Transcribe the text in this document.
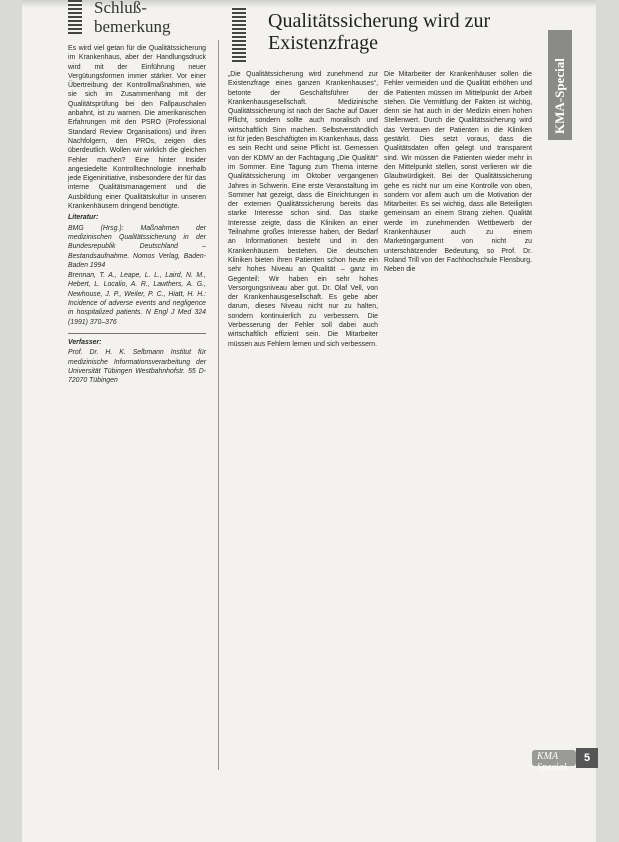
Schluß-
bemerkung	Qualitätssicherung wird zur
Existenzfrage

Es wird viel getan für die Qualitätssicherung im Krankenhaus, aber der Handlungsdruck wird mit der Einführung neuer Vergütungsformen immer stärker. Vor einer Übertreibung der Kontrollmaßnahmen, wie sie sich im Zusammenhang mit der Qualitätsprüfung bei den Fallpauschalen anbahnt, ist zu warnen. Die amerikanischen Erfahrungen mit den PSRO (Professional Standard Review Organisations) und ihren Nachfolgern, den PROs, zeigen dies überdeutlich. Wollen wir wirklich die gleichen Fehler machen? Eine hinter Insider angesiedelte Kontrolltechnologie innerhalb jede Eigeninitiative, insbesondere der für das interne Qualitätsmanagement und die Ausbildung einer Qualitätskultur in unseren Krankenhäusern dringend benötigte.

Literatur:

BMG (Hrsg.): Maßnahmen der medizinischen Qualitätssicherung in der Bundesrepublik Deutschland – Bestandsaufnahme. Nomos Verlag, Baden-Baden 1994

Brennan, T. A., Leape, L. L., Laird, N. M., Hebert, L. Localio, A. R., Lawthers, A. G., Newhouse, J. P., Weiler, P. C., Hiatt, H. H.: Incidence of adverse events and negligence in hospitalized patients. N Engl J Med 324 (1991) 370–376

Verfasser:

Prof. Dr. H. K. Selbmann Institut für medizinische Informationsverarbeitung der Universität Tübingen Westbahnhofstr. 55 D-72070 Tübingen

„Die Qualitätssicherung wird zunehmend zur Existenzfrage eines ganzen Krankenhauses“, betonte der Geschäftsführer der Krankenhausgesellschaft. Medizinische Qualitätssicherung ist nach der Sache auf Dauer Pflicht, sondern sollte auch moralisch und wirtschaftlich Sinn machen. Selbstverständlich ist für jeden Beschäftigten im Krankenhaus, dass es sein Recht und seine Pflicht ist. Gemessen von der KDMV an der Fachtagung „Die Qualität“ im Sommer. Eine Tagung zum Thema interne Qualitätssicherung im Oktober vergangenen Jahres in Schwerin. Eine erste Veranstaltung im Sommer hat gezeigt, dass die Einrichtungen in der externen Qualitätssicherung bereits das starke Interesse schon sind. Das starke Interesse zeigte, dass die Kliniken an einer Teilnahme großes Interesse haben, der Bedarf an Informationen besteht und in den Krankenhäusern bestehen. Die deutschen Kliniken bieten ihren Patienten schon heute ein sehr hohes Niveau an Qualität – ganz im Gegenteil: Wir haben ein sehr hohes Versorgungsniveau aber gut. Dr. Olaf Vell, von der Krankenhausgesellschaft. Es gebe aber darum, dieses Niveau nicht nur zu halten, sondern kontinuierlich zu verbessern. Die Verbesserung der Fehler soll dabei auch wirtschaftlich effizient sein. Die Mitarbeiter müssen aus Fehlern lernen und sich verbessern.

Die Mitarbeiter der Krankenhäuser sollen die Fehler vermeiden und die Qualität erhöhen und die Patienten müssen im Mittelpunkt der Arbeit stehen. Die Vermittlung der Fakten ist wichtig, denn sie hat auch in der Medizin einen hohen Stellenwert. Durch die Qualitätssicherung wird das Vertrauen der Patienten in die Kliniken gestärkt. Dies setzt voraus, dass die Qualitätsdaten offen gelegt und transparent sind. Wir müssen die Patienten wieder mehr in den Mittelpunkt stellen, sonst verlieren wir die Glaubwürdigkeit. Bei der Qualitätssicherung gehe es nicht nur um eine Kontrolle von oben, sondern vor allem auch um die Motivation der Mitarbeiter. Es sei wichtig, dass alle Beteiligten gemeinsam an einem Strang ziehen. Qualität werde im zunehmenden Wettbewerb der Krankenhäuser auch zu einem Marketingargument von nicht zu unterschätzender Bedeutung, so Prof. Dr. Roland Trill von der Fachhochschule Flensburg. Neben die

KMA-Special
KMA Special
5
